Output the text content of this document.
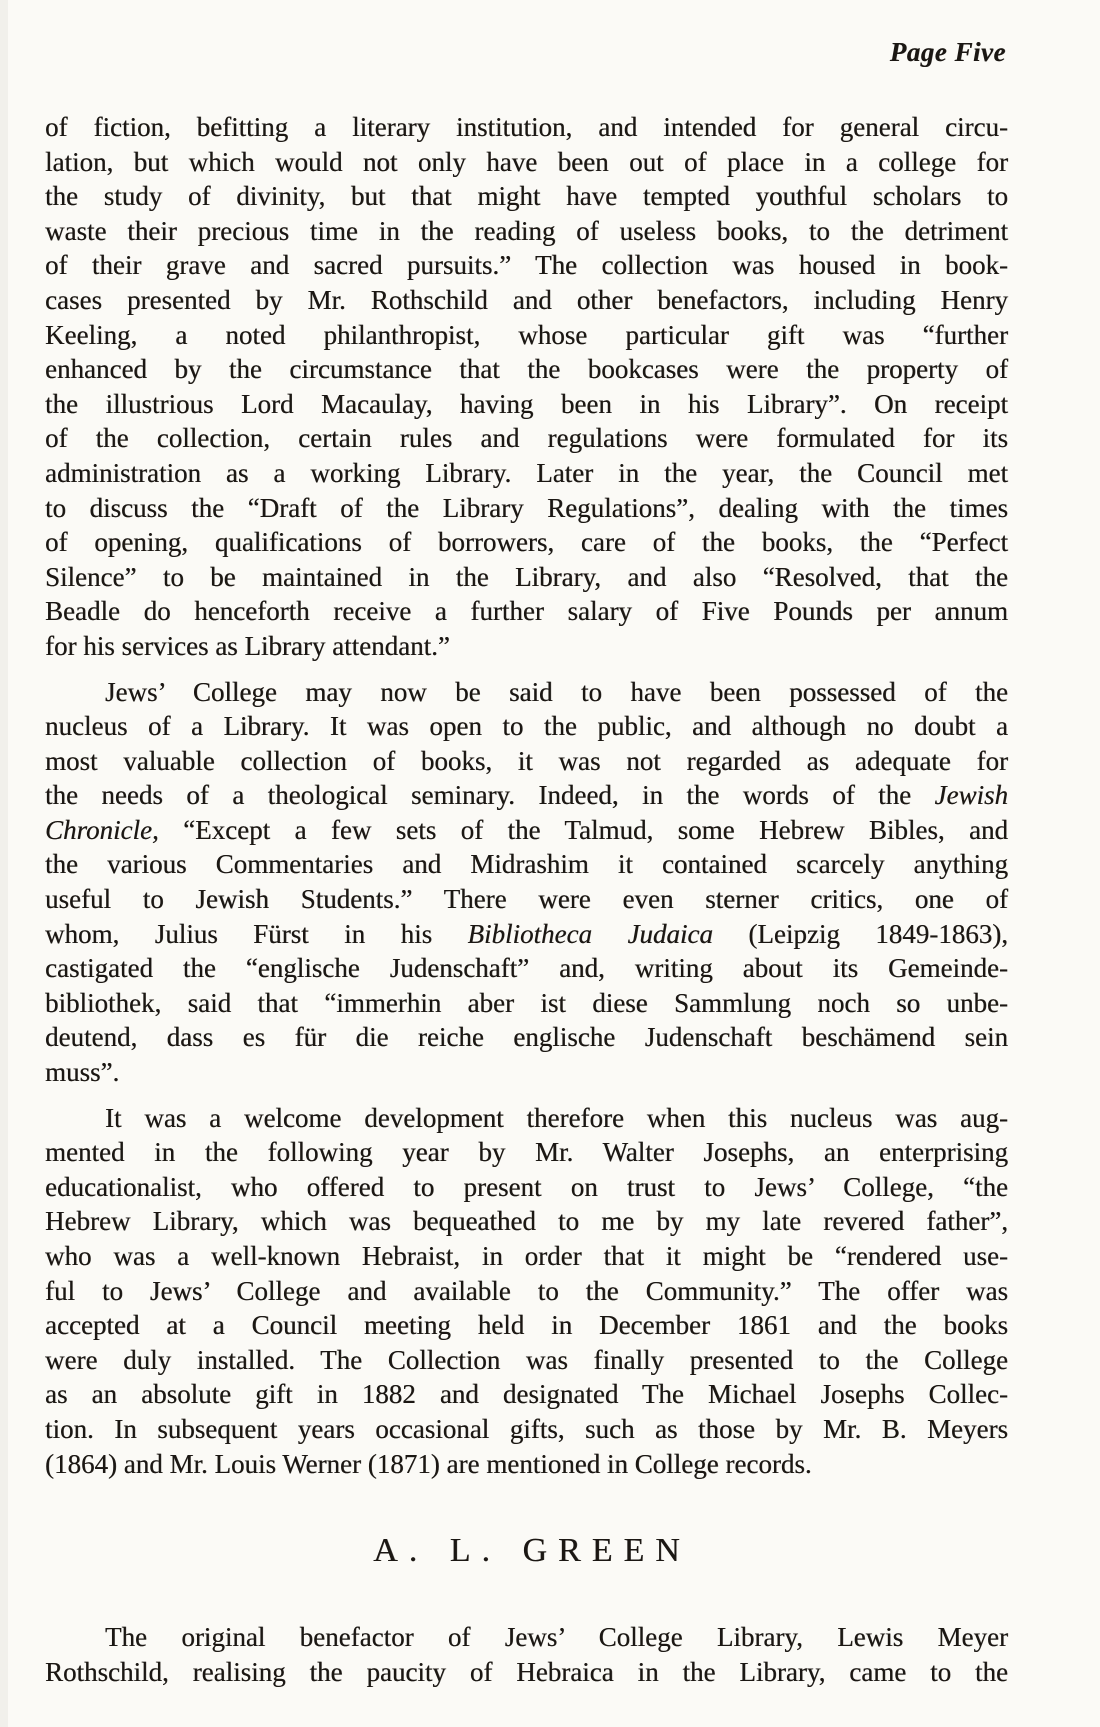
Page Five
of fiction, befitting a literary institution, and intended for general circu-
lation, but which would not only have been out of place in a college for
the study of divinity, but that might have tempted youthful scholars to
waste their precious time in the reading of useless books, to the detriment
of their grave and sacred pursuits.” The collection was housed in book-
cases presented by Mr. Rothschild and other benefactors, including Henry
Keeling, a noted philanthropist, whose particular gift was “further
enhanced by the circumstance that the bookcases were the property of
the illustrious Lord Macaulay, having been in his Library”. On receipt
of the collection, certain rules and regulations were formulated for its
administration as a working Library. Later in the year, the Council met
to discuss the “Draft of the Library Regulations”, dealing with the times
of opening, qualifications of borrowers, care of the books, the “Perfect
Silence” to be maintained in the Library, and also “Resolved, that the
Beadle do henceforth receive a further salary of Five Pounds per annum
for his services as Library attendant.”
Jews’ College may now be said to have been possessed of the
nucleus of a Library. It was open to the public, and although no doubt a
most valuable collection of books, it was not regarded as adequate for
the needs of a theological seminary. Indeed, in the words of the Jewish
Chronicle, “Except a few sets of the Talmud, some Hebrew Bibles, and
the various Commentaries and Midrashim it contained scarcely anything
useful to Jewish Students.” There were even sterner critics, one of
whom, Julius Fürst in his Bibliotheca Judaica (Leipzig 1849-1863),
castigated the “englische Judenschaft” and, writing about its Gemeinde-
bibliothek, said that “immerhin aber ist diese Sammlung noch so unbe-
deutend, dass es für die reiche englische Judenschaft beschämend sein
muss”.
It was a welcome development therefore when this nucleus was aug-
mented in the following year by Mr. Walter Josephs, an enterprising
educationalist, who offered to present on trust to Jews’ College, “the
Hebrew Library, which was bequeathed to me by my late revered father”,
who was a well-known Hebraist, in order that it might be “rendered use-
ful to Jews’ College and available to the Community.” The offer was
accepted at a Council meeting held in December 1861 and the books
were duly installed. The Collection was finally presented to the College
as an absolute gift in 1882 and designated The Michael Josephs Collec-
tion. In subsequent years occasional gifts, such as those by Mr. B. Meyers
(1864) and Mr. Louis Werner (1871) are mentioned in College records.
A. L. GREEN
The original benefactor of Jews’ College Library, Lewis Meyer
Rothschild, realising the paucity of Hebraica in the Library, came to the
